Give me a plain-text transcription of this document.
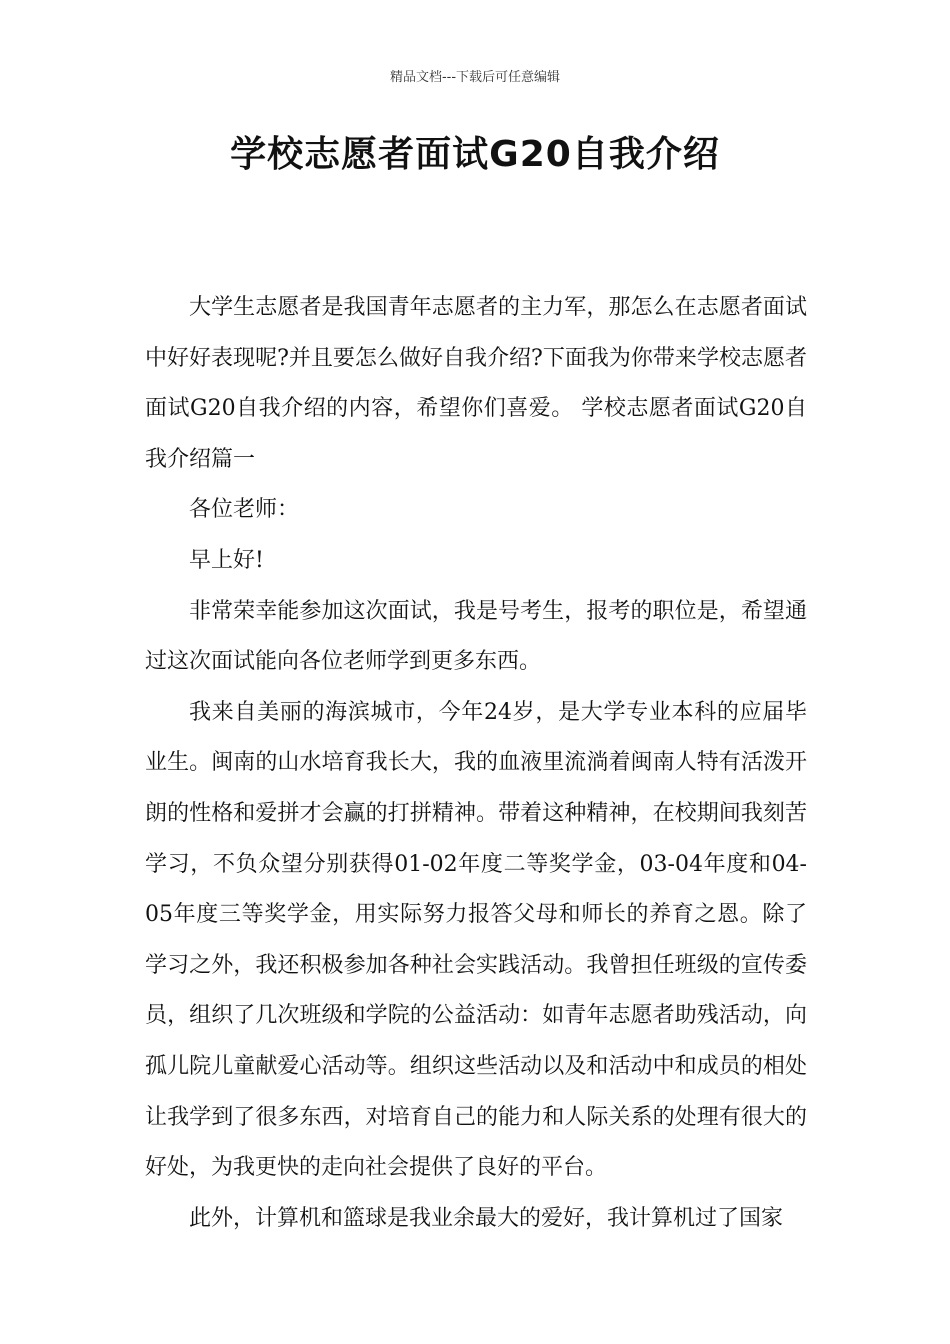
精品文档---下载后可任意编辑
学校志愿者面试G20自我介绍

大学生志愿者是我国青年志愿者的主力军，那怎么在志愿者面试中好好表现呢?并且要怎么做好自我介绍?下面我为你带来学校志愿者面试G20自我介绍的内容，希望你们喜爱。 学校志愿者面试G20自我介绍篇一

各位老师：

早上好!

非常荣幸能参加这次面试，我是号考生，报考的职位是，希望通过这次面试能向各位老师学到更多东西。

我来自美丽的海滨城市，今年24岁，是大学专业本科的应届毕业生。闽南的山水培育我长大，我的血液里流淌着闽南人特有活泼开朗的性格和爱拼才会赢的打拼精神。带着这种精神，在校期间我刻苦学习，不负众望分别获得01-02年度二等奖学金，03-04年度和04-05年度三等奖学金，用实际努力报答父母和师长的养育之恩。除了学习之外，我还积极参加各种社会实践活动。我曾担任班级的宣传委员，组织了几次班级和学院的公益活动：如青年志愿者助残活动，向孤儿院儿童献爱心活动等。组织这些活动以及和活动中和成员的相处让我学到了很多东西，对培育自己的能力和人际关系的处理有很大的好处，为我更快的走向社会提供了良好的平台。

此外，计算机和篮球是我业余最大的爱好，我计算机过了国家
